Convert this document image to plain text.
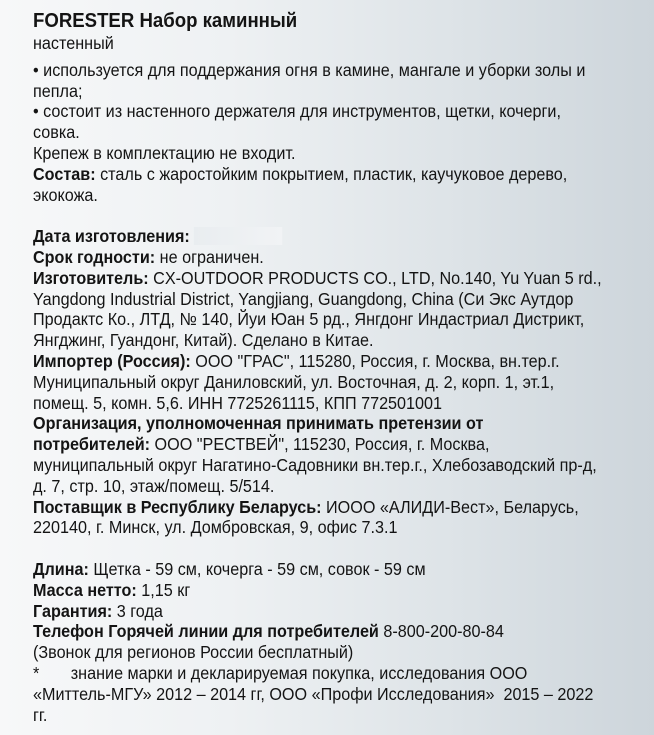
FORESTER Набор каминный
настенный

• используется для поддержания огня в камине, мангале и уборки золы и пепла;

• состоит из настенного держателя для инструментов, щетки, кочерги, совка.

Крепеж в комплектацию не входит.

Состав: сталь с жаростойким покрытием, пластик, каучуковое дерево, экокожа.

Дата изготовления:

Срок годности: не ограничен.

Изготовитель: CX-OUTDOOR PRODUCTS CO., LTD, No.140, Yu Yuan 5 rd., Yangdong Industrial District, Yangjiang, Guangdong, China (Си Экс Аутдор Продактс Ко., ЛТД, № 140, Йуи Юан 5 рд., Янгдонг Индастриал Дистрикт, Янгджинг, Гуандонг, Китай). Сделано в Китае.

Импортер (Россия): ООО "ГРАС", 115280, Россия, г. Москва, вн.тер.г. Муниципальный округ Даниловский, ул. Восточная, д. 2, корп. 1, эт.1, помещ. 5, комн. 5,6. ИНН 7725261115, КПП 772501001

Организация, уполномоченная принимать претензии от потребителей: ООО "РЕСТВЕЙ", 115230, Россия, г. Москва, муниципальный округ Нагатино-Садовники вн.тер.г., Хлебозаводский пр-д, д. 7, стр. 10, этаж/помещ. 5/514.

Поставщик в Республику Беларусь: ИООО «АЛИДИ-Вест», Беларусь, 220140, г. Минск, ул. Домбровская, 9, офис 7.3.1

Длина: Щетка - 59 см, кочерга - 59 см, совок - 59 см

Масса нетто: 1,15 кг

Гарантия: 3 года

Телефон Горячей линии для потребителей 8-800-200-80-84

(Звонок для регионов России бесплатный)

*       знание марки и декларируемая покупка, исследования ООО «Миттель-МГУ» 2012 – 2014 гг, ООО «Профи Исследования»  2015 – 2022 гг.
